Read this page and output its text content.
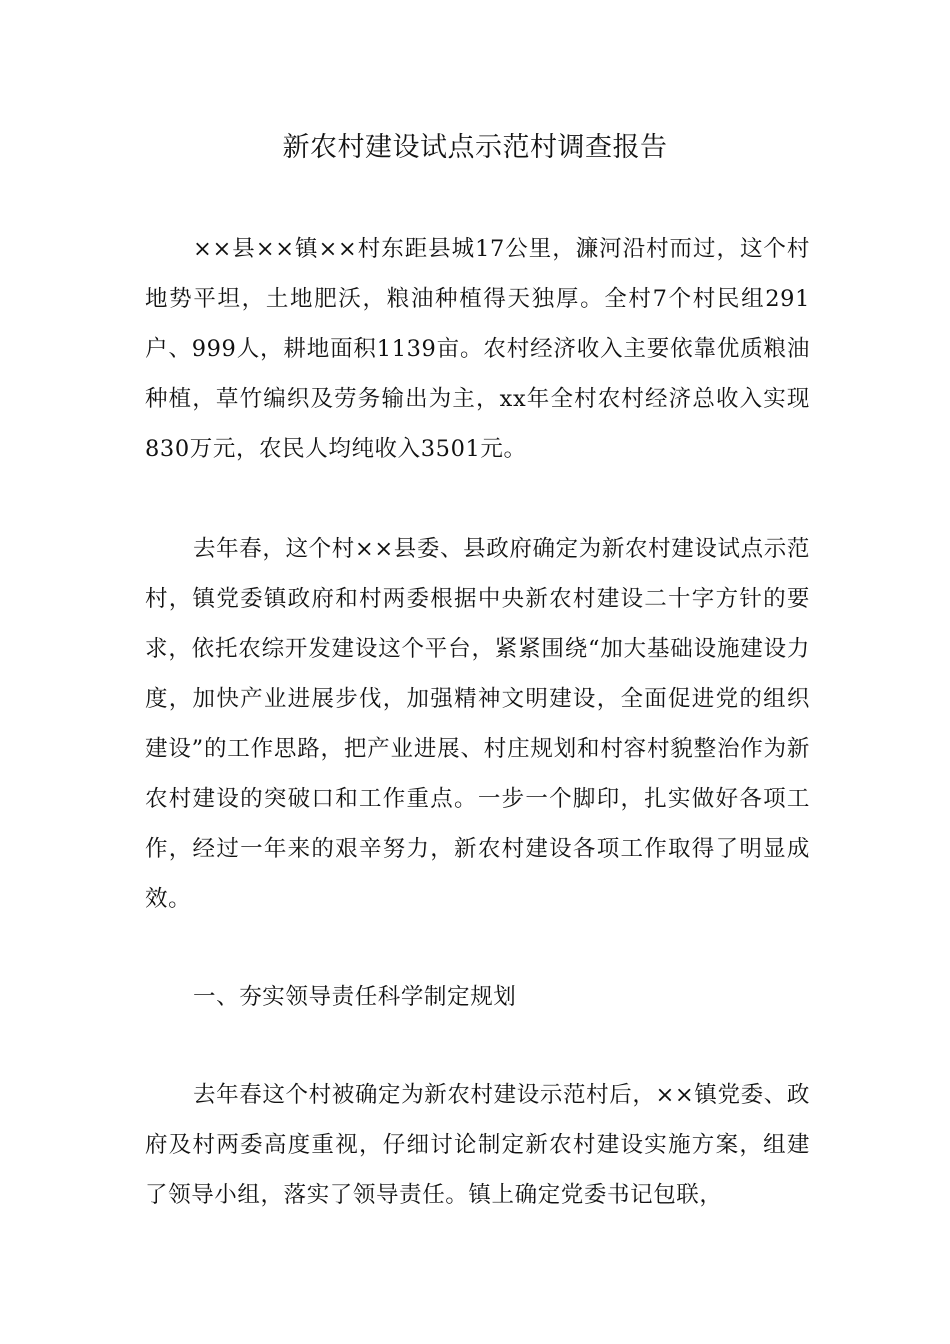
新农村建设试点示范村调查报告

××县××镇××村东距县城17公里，濂河沿村而过，这个村地势平坦，土地肥沃，粮油种植得天独厚。全村7个村民组291户、999人，耕地面积1139亩。农村经济收入主要依靠优质粮油种植，草竹编织及劳务输出为主，xx年全村农村经济总收入实现830万元，农民人均纯收入3501元。

去年春，这个村××县委、县政府确定为新农村建设试点示范村，镇党委镇政府和村两委根据中央新农村建设二十字方针的要求，依托农综开发建设这个平台，紧紧围绕“加大基础设施建设力度，加快产业进展步伐，加强精神文明建设，全面促进党的组织建设”的工作思路，把产业进展、村庄规划和村容村貌整治作为新农村建设的突破口和工作重点。一步一个脚印，扎实做好各项工作，经过一年来的艰辛努力，新农村建设各项工作取得了明显成效。

一、夯实领导责任科学制定规划

去年春这个村被确定为新农村建设示范村后，××镇党委、政府及村两委高度重视，仔细讨论制定新农村建设实施方案，组建了领导小组，落实了领导责任。镇上确定党委书记包联，
